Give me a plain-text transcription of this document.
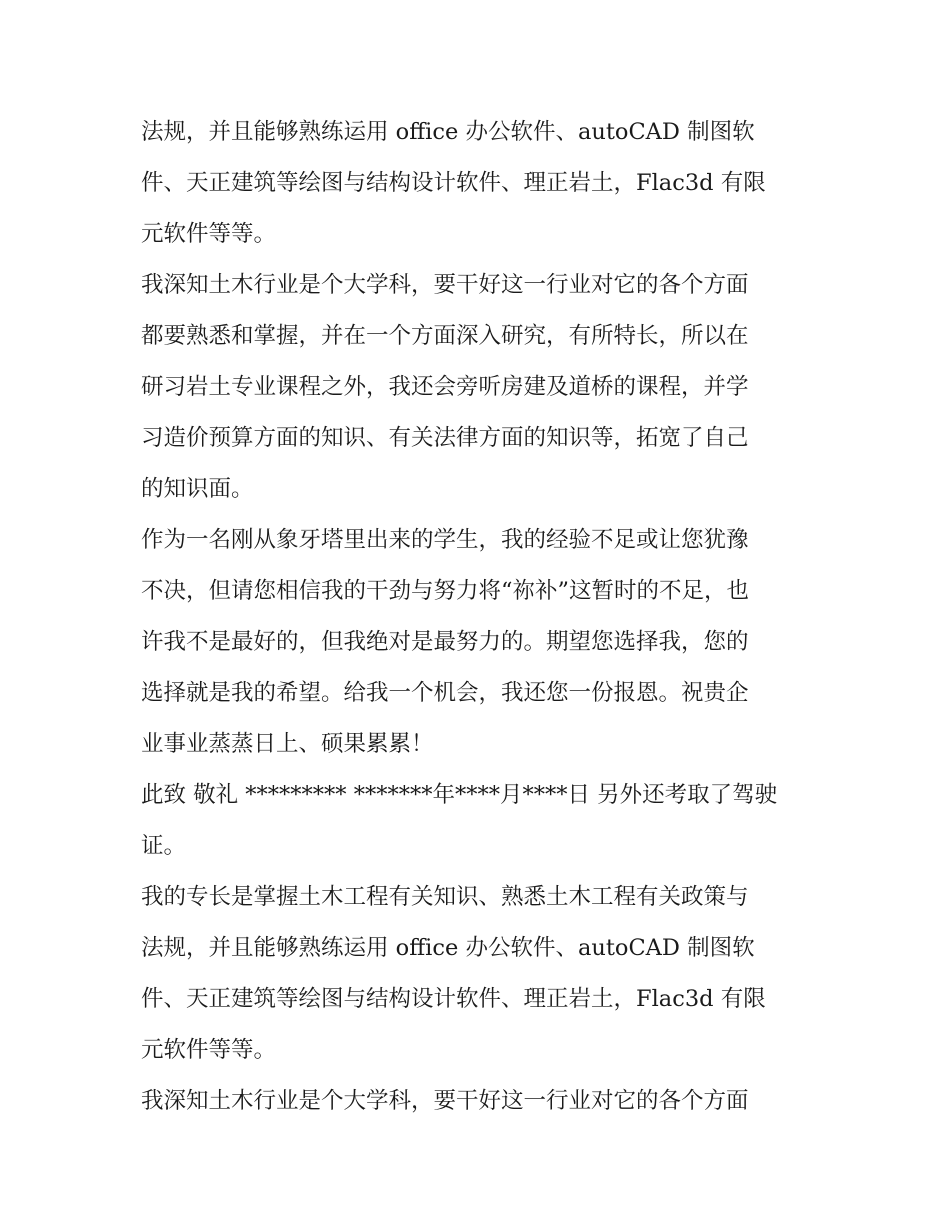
法规，并且能够熟练运用 office 办公软件、autoCAD 制图软
件、天正建筑等绘图与结构设计软件、理正岩土，Flac3d 有限
元软件等等。
我深知土木行业是个大学科，要干好这一行业对它的各个方面
都要熟悉和掌握，并在一个方面深入研究，有所特长，所以在
研习岩土专业课程之外，我还会旁听房建及道桥的课程，并学
习造价预算方面的知识、有关法律方面的知识等，拓宽了自己
的知识面。
作为一名刚从象牙塔里出来的学生，我的经验不足或让您犹豫
不决，但请您相信我的干劲与努力将“祢补”这暂时的不足，也
许我不是最好的，但我绝对是最努力的。期望您选择我，您的
选择就是我的希望。给我一个机会，我还您一份报恩。祝贵企
业事业蒸蒸日上、硕果累累！
此致 敬礼 ********* *******年****月****日 另外还考取了驾驶
证。
我的专长是掌握土木工程有关知识、熟悉土木工程有关政策与
法规，并且能够熟练运用 office 办公软件、autoCAD 制图软
件、天正建筑等绘图与结构设计软件、理正岩土，Flac3d 有限
元软件等等。
我深知土木行业是个大学科，要干好这一行业对它的各个方面
